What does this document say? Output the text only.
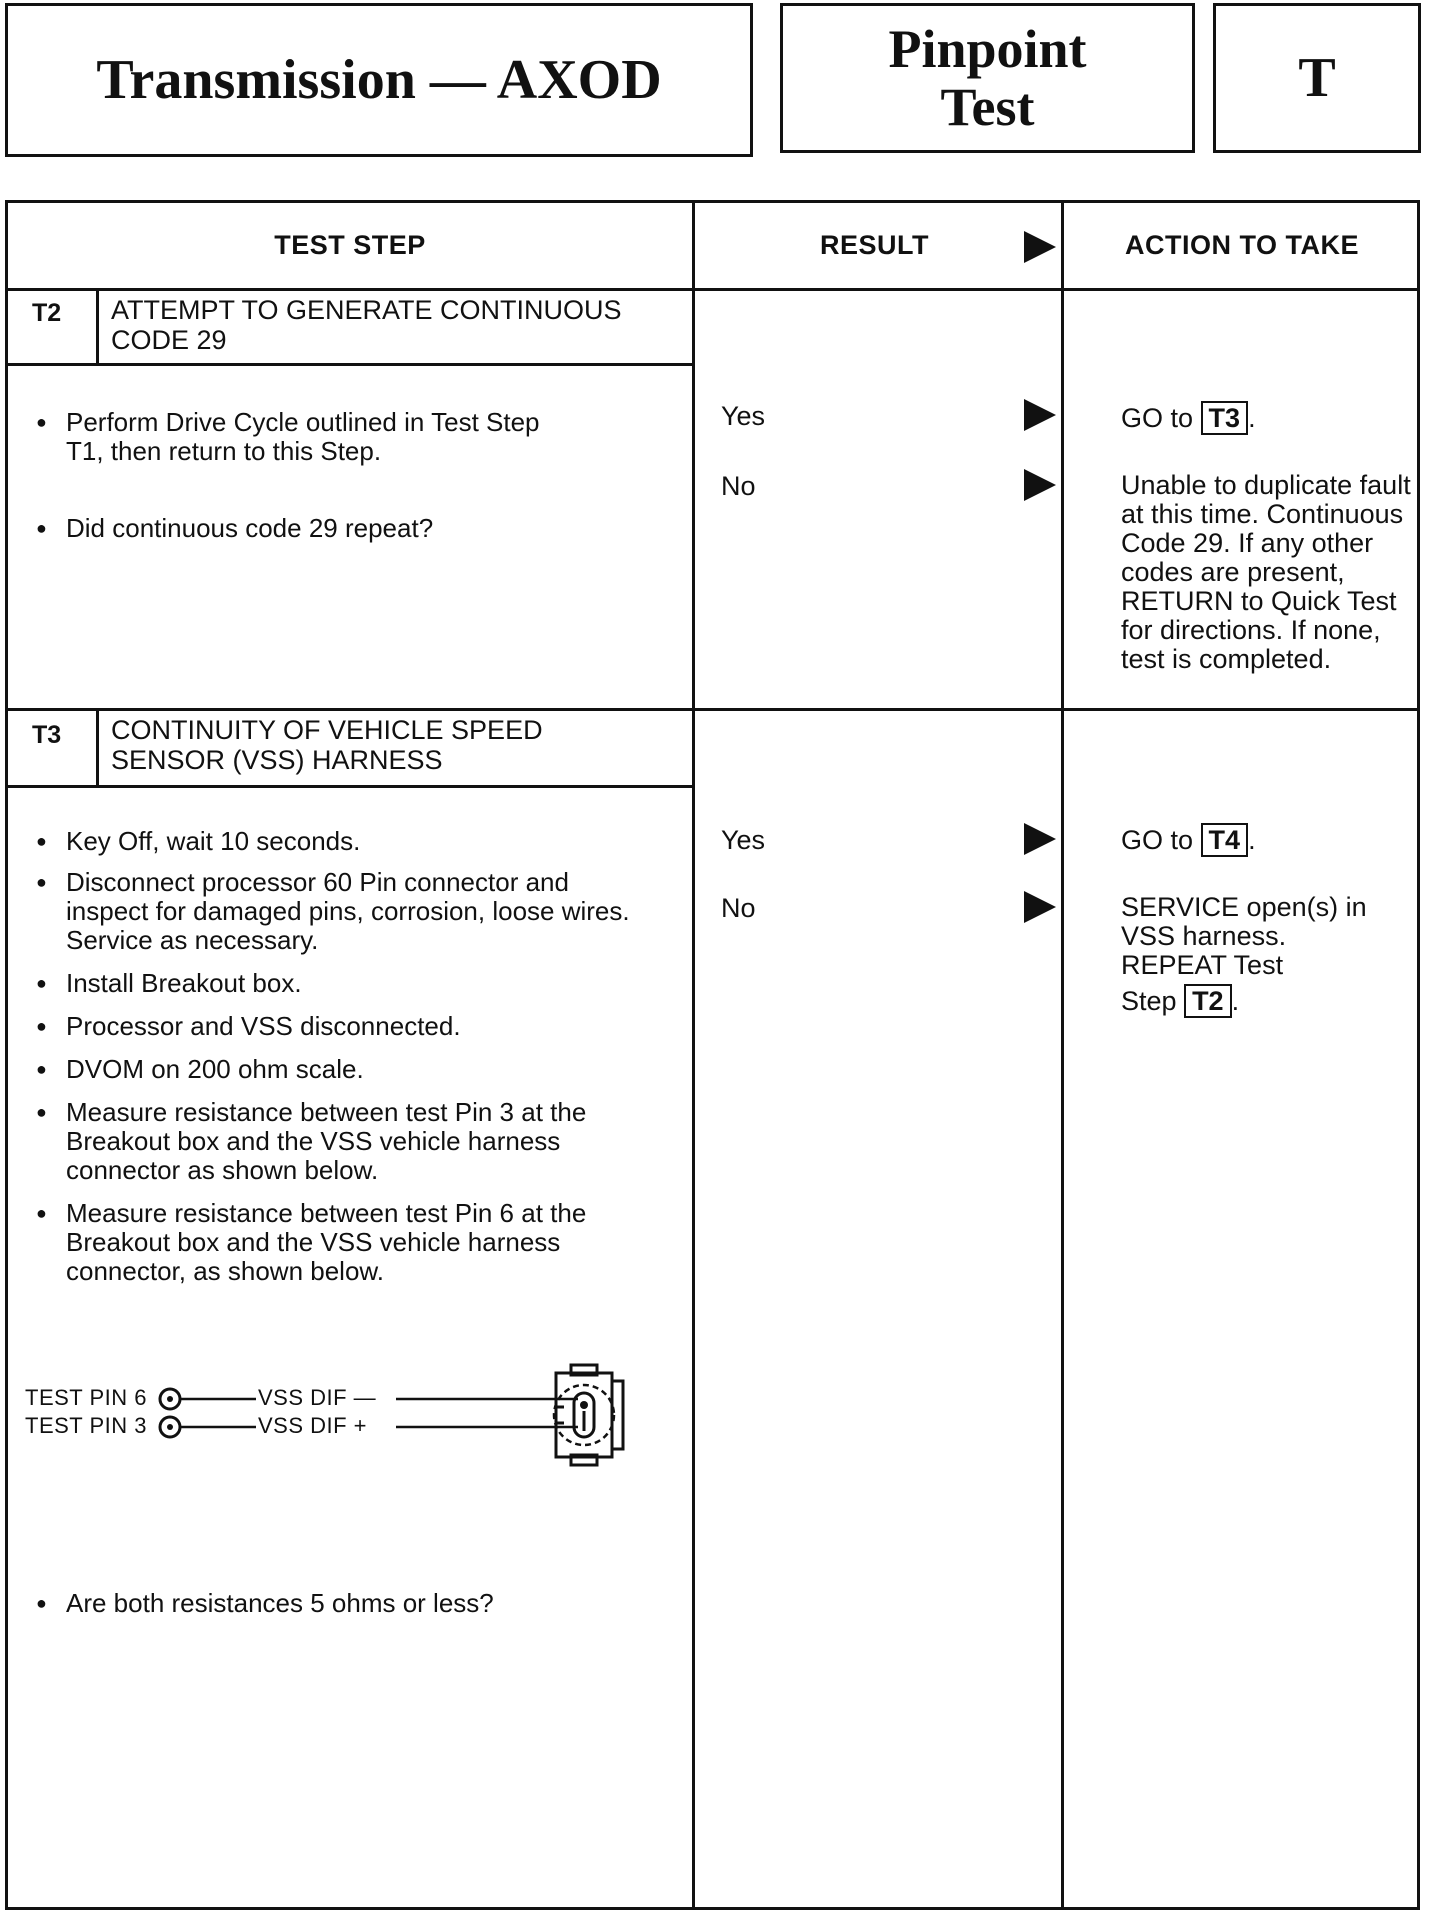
Transmission — AXOD	Pinpoint Test	T
TEST STEP	RESULT	ACTION TO TAKE
T2 ATTEMPT TO GENERATE CONTINUOUS CODE 29
● Perform Drive Cycle outlined in Test Step T1, then return to this Step.
● Did continuous code 29 repeat?
Yes	GO to T3 .
No	Unable to duplicate fault at this time. Continuous Code 29. If any other codes are present, RETURN to Quick Test for directions. If none, test is completed.
T3 CONTINUITY OF VEHICLE SPEED SENSOR (VSS) HARNESS
● Key Off, wait 10 seconds.
● Disconnect processor 60 Pin connector and inspect for damaged pins, corrosion, loose wires. Service as necessary.
● Install Breakout box.
● Processor and VSS disconnected.
● DVOM on 200 ohm scale.
● Measure resistance between test Pin 3 at the Breakout box and the VSS vehicle harness connector as shown below.
● Measure resistance between test Pin 6 at the Breakout box and the VSS vehicle harness connector, as shown below.
TEST PIN 6
TEST PIN 3
VSS DIF —
VSS DIF +
● Are both resistances 5 ohms or less?
Yes	GO to T4 .
No	SERVICE open(s) in VSS harness. REPEAT Test
Step T2 .
